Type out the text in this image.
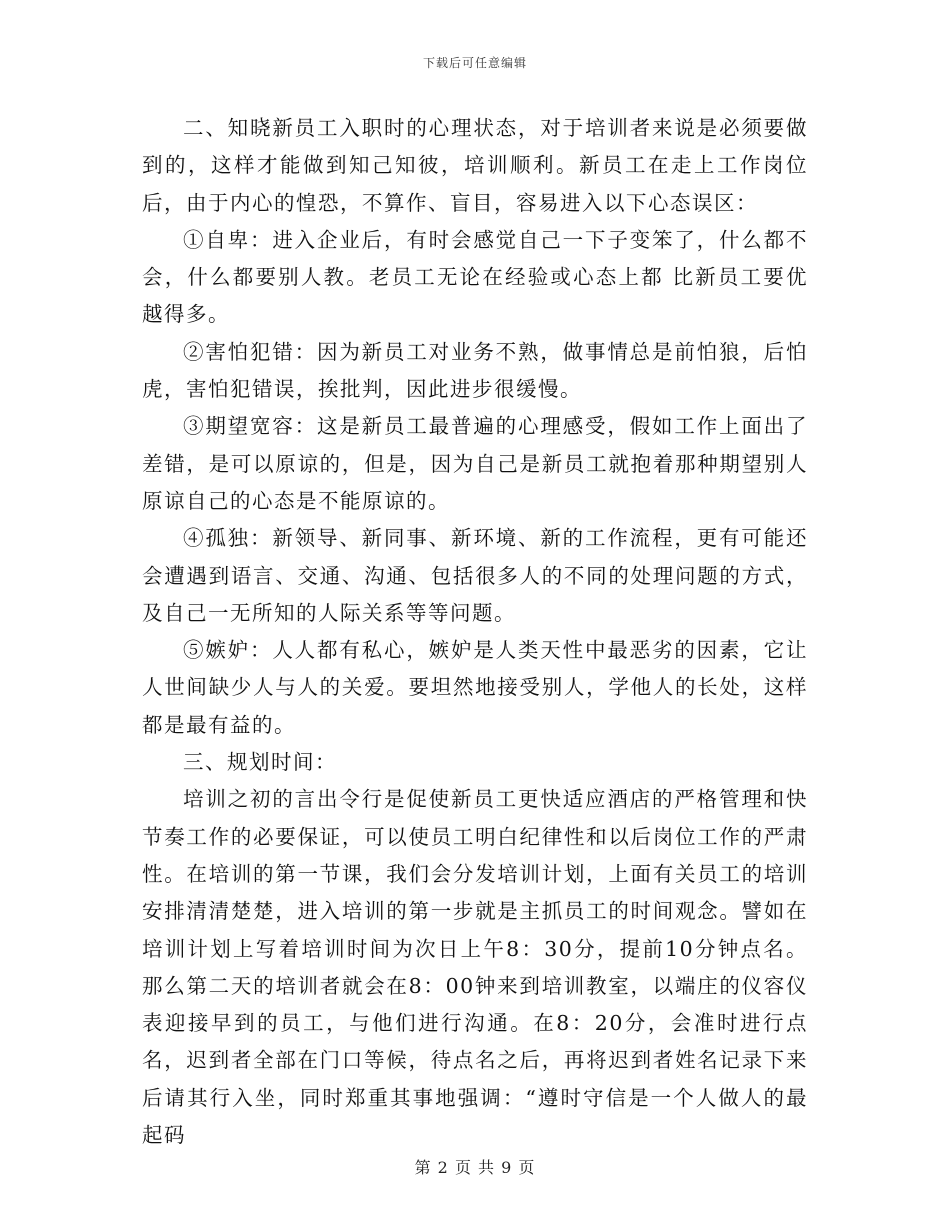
下载后可任意编辑

二、知晓新员工入职时的心理状态，对于培训者来说是必须要做到的，这样才能做到知己知彼，培训顺利。新员工在走上工作岗位后，由于内心的惶恐，不算作、盲目，容易进入以下心态误区：

①自卑：进入企业后，有时会感觉自己一下子变笨了，什么都不会，什么都要别人教。老员工无论在经验或心态上都 比新员工要优越得多。

②害怕犯错：因为新员工对业务不熟，做事情总是前怕狼，后怕虎，害怕犯错误，挨批判，因此进步很缓慢。

③期望宽容：这是新员工最普遍的心理感受，假如工作上面出了差错，是可以原谅的，但是，因为自己是新员工就抱着那种期望别人原谅自己的心态是不能原谅的。

④孤独：新领导、新同事、新环境、新的工作流程，更有可能还会遭遇到语言、交通、沟通、包括很多人的不同的处理问题的方式，及自己一无所知的人际关系等等问题。

⑤嫉妒：人人都有私心，嫉妒是人类天性中最恶劣的因素，它让人世间缺少人与人的关爱。要坦然地接受别人，学他人的长处，这样都是最有益的。

三、规划时间：

培训之初的言出令行是促使新员工更快适应酒店的严格管理和快节奏工作的必要保证，可以使员工明白纪律性和以后岗位工作的严肃性。在培训的第一节课，我们会分发培训计划，上面有关员工的培训安排清清楚楚，进入培训的第一步就是主抓员工的时间观念。譬如在培训计划上写着培训时间为次日上午8：30分，提前10分钟点名。那么第二天的培训者就会在8：00钟来到培训教室，以端庄的仪容仪表迎接早到的员工，与他们进行沟通。在8：20分，会准时进行点名，迟到者全部在门口等候，待点名之后，再将迟到者姓名记录下来后请其行入坐，同时郑重其事地强调：“遵时守信是一个人做人的最起码

第 2 页 共 9 页
